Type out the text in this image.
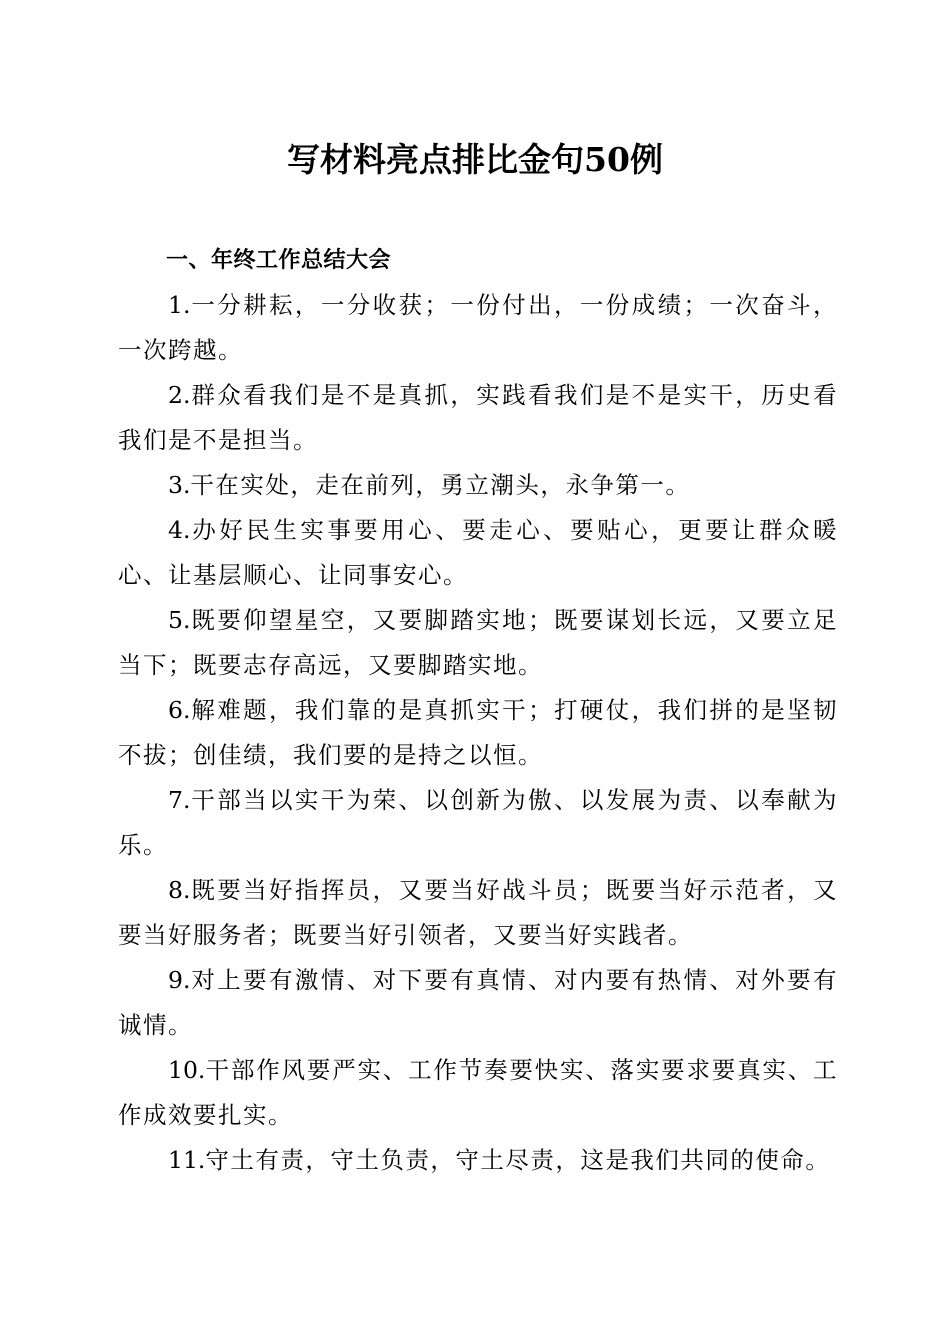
写材料亮点排比金句50例

一、年终工作总结大会

1.一分耕耘，一分收获；一份付出，一份成绩；一次奋斗，一次跨越。

2.群众看我们是不是真抓，实践看我们是不是实干，历史看我们是不是担当。

3.干在实处，走在前列，勇立潮头，永争第一。

4.办好民生实事要用心、要走心、要贴心，更要让群众暖心、让基层顺心、让同事安心。

5.既要仰望星空，又要脚踏实地；既要谋划长远，又要立足当下；既要志存高远，又要脚踏实地。

6.解难题，我们靠的是真抓实干；打硬仗，我们拼的是坚韧不拔；创佳绩，我们要的是持之以恒。

7.干部当以实干为荣、以创新为傲、以发展为责、以奉献为乐。

8.既要当好指挥员，又要当好战斗员；既要当好示范者，又要当好服务者；既要当好引领者，又要当好实践者。

9.对上要有激情、对下要有真情、对内要有热情、对外要有诚情。

10.干部作风要严实、工作节奏要快实、落实要求要真实、工作成效要扎实。

11.守土有责，守土负责，守土尽责，这是我们共同的使命。
